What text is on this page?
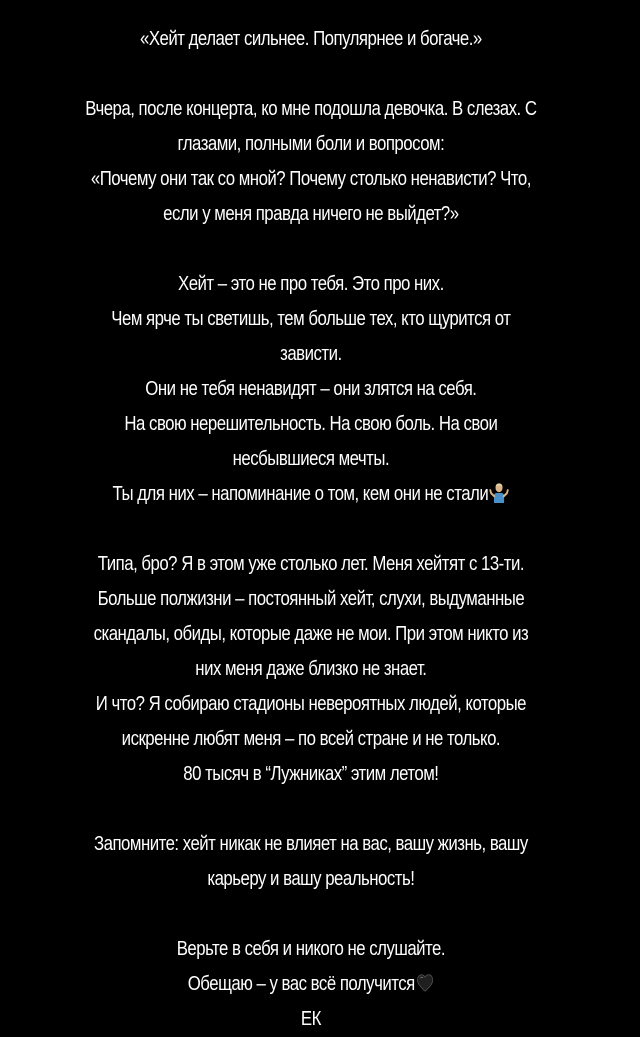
«Хейт делает сильнее. Популярнее и богаче.»

Вчера, после концерта, ко мне подошла девочка. В слезах. С
глазами, полными боли и вопросом:
«Почему они так со мной? Почему столько ненависти? Что,
если у меня правда ничего не выйдет?»

Хейт – это не про тебя. Это про них.
Чем ярче ты светишь, тем больше тех, кто щурится от
зависти.
Они не тебя ненавидят – они злятся на себя.
На свою нерешительность. На свою боль. На свои
несбывшиеся мечты.
Ты для них – напоминание о том, кем они не стали

Типа, бро? Я в этом уже столько лет. Меня хейтят с 13-ти.
Больше полжизни – постоянный хейт, слухи, выдуманные
скандалы, обиды, которые даже не мои. При этом никто из
них меня даже близко не знает.
И что? Я собираю стадионы невероятных людей, которые
искренне любят меня – по всей стране и не только.
80 тысяч в “Лужниках” этим летом!

Запомните: хейт никак не влияет на вас, вашу жизнь, вашу
карьеру и вашу реальность!

Верьте в себя и никого не слушайте.
Обещаю – у вас всё получится
ЕК
